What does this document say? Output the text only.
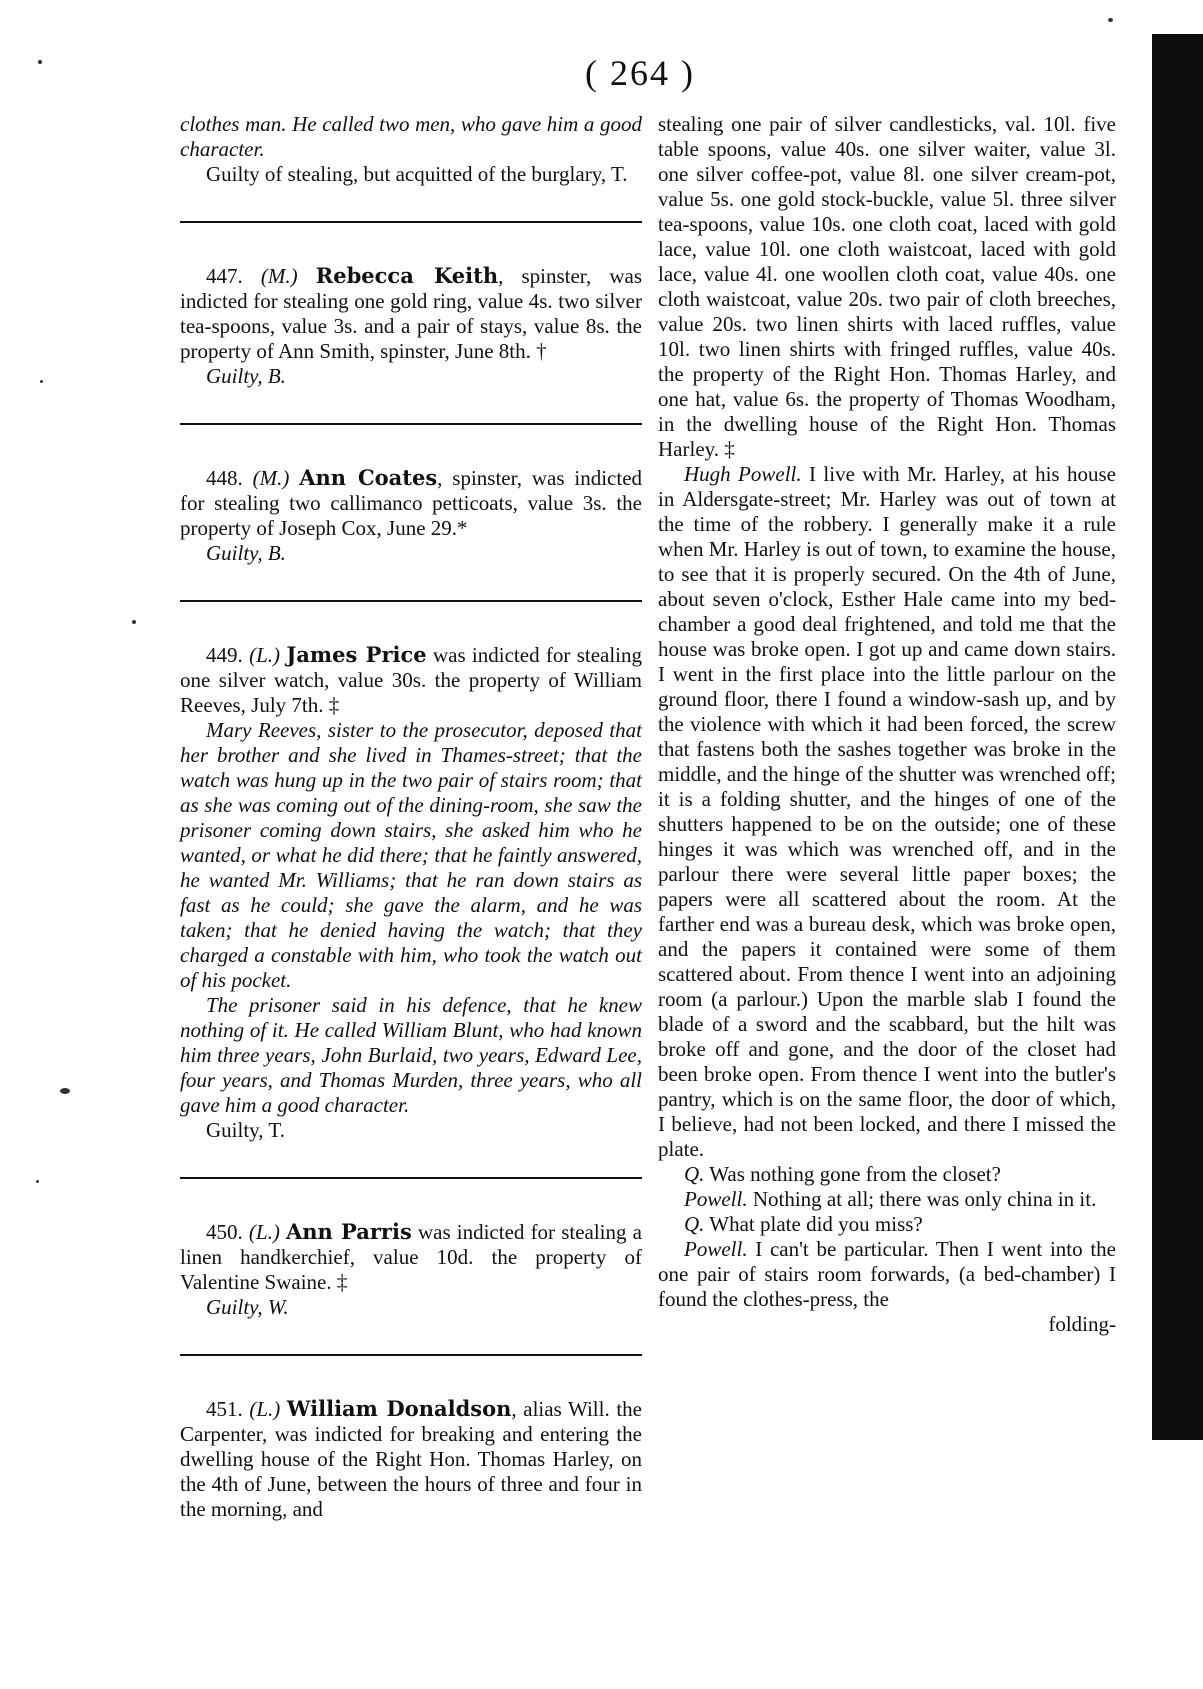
( 264 )

clothes man. He called two men, who gave him a good character.

Guilty of stealing, but acquitted of the burglary, T.

447. (M.) Rebecca Keith, spinster, was indicted for stealing one gold ring, value 4s. two silver tea-spoons, value 3s. and a pair of stays, value 8s. the property of Ann Smith, spinster, June 8th. †

Guilty, B.

448. (M.) Ann Coates, spinster, was indicted for stealing two callimanco petticoats, value 3s. the property of Joseph Cox, June 29.*

Guilty, B.

449. (L.) James Price was indicted for stealing one silver watch, value 30s. the property of William Reeves, July 7th. ‡

Mary Reeves, sister to the prosecutor, deposed that her brother and she lived in Thames-street; that the watch was hung up in the two pair of stairs room; that as she was coming out of the dining-room, she saw the prisoner coming down stairs, she asked him who he wanted, or what he did there; that he faintly answered, he wanted Mr. Williams; that he ran down stairs as fast as he could; she gave the alarm, and he was taken; that he denied having the watch; that they charged a constable with him, who took the watch out of his pocket.

The prisoner said in his defence, that he knew nothing of it. He called William Blunt, who had known him three years, John Burlaid, two years, Edward Lee, four years, and Thomas Murden, three years, who all gave him a good character.

Guilty, T.

450. (L.) Ann Parris was indicted for stealing a linen handkerchief, value 10d. the property of Valentine Swaine. ‡

Guilty, W.

451. (L.) William Donaldson, alias Will. the Carpenter, was indicted for breaking and entering the dwelling house of the Right Hon. Thomas Harley, on the 4th of June, between the hours of three and four in the morning, and

stealing one pair of silver candlesticks, val. 10l. five table spoons, value 40s. one silver waiter, value 3l. one silver coffee-pot, value 8l. one silver cream-pot, value 5s. one gold stock-buckle, value 5l. three silver tea-spoons, value 10s. one cloth coat, laced with gold lace, value 10l. one cloth waistcoat, laced with gold lace, value 4l. one woollen cloth coat, value 40s. one cloth waistcoat, value 20s. two pair of cloth breeches, value 20s. two linen shirts with laced ruffles, value 10l. two linen shirts with fringed ruffles, value 40s. the property of the Right Hon. Thomas Harley, and one hat, value 6s. the property of Thomas Woodham, in the dwelling house of the Right Hon. Thomas Harley. ‡

Hugh Powell. I live with Mr. Harley, at his house in Aldersgate-street; Mr. Harley was out of town at the time of the robbery. I generally make it a rule when Mr. Harley is out of town, to examine the house, to see that it is properly secured. On the 4th of June, about seven o'clock, Esther Hale came into my bed-chamber a good deal frightened, and told me that the house was broke open. I got up and came down stairs. I went in the first place into the little parlour on the ground floor, there I found a window-sash up, and by the violence with which it had been forced, the screw that fastens both the sashes together was broke in the middle, and the hinge of the shutter was wrenched off; it is a folding shutter, and the hinges of one of the shutters happened to be on the outside; one of these hinges it was which was wrenched off, and in the parlour there were several little paper boxes; the papers were all scattered about the room. At the farther end was a bureau desk, which was broke open, and the papers it contained were some of them scattered about. From thence I went into an adjoining room (a parlour.) Upon the marble slab I found the blade of a sword and the scabbard, but the hilt was broke off and gone, and the door of the closet had been broke open. From thence I went into the butler's pantry, which is on the same floor, the door of which, I believe, had not been locked, and there I missed the plate.

Q. Was nothing gone from the closet?

Powell. Nothing at all; there was only china in it.

Q. What plate did you miss?

Powell. I can't be particular. Then I went into the one pair of stairs room forwards, (a bed-chamber) I found the clothes-press, the

folding-
